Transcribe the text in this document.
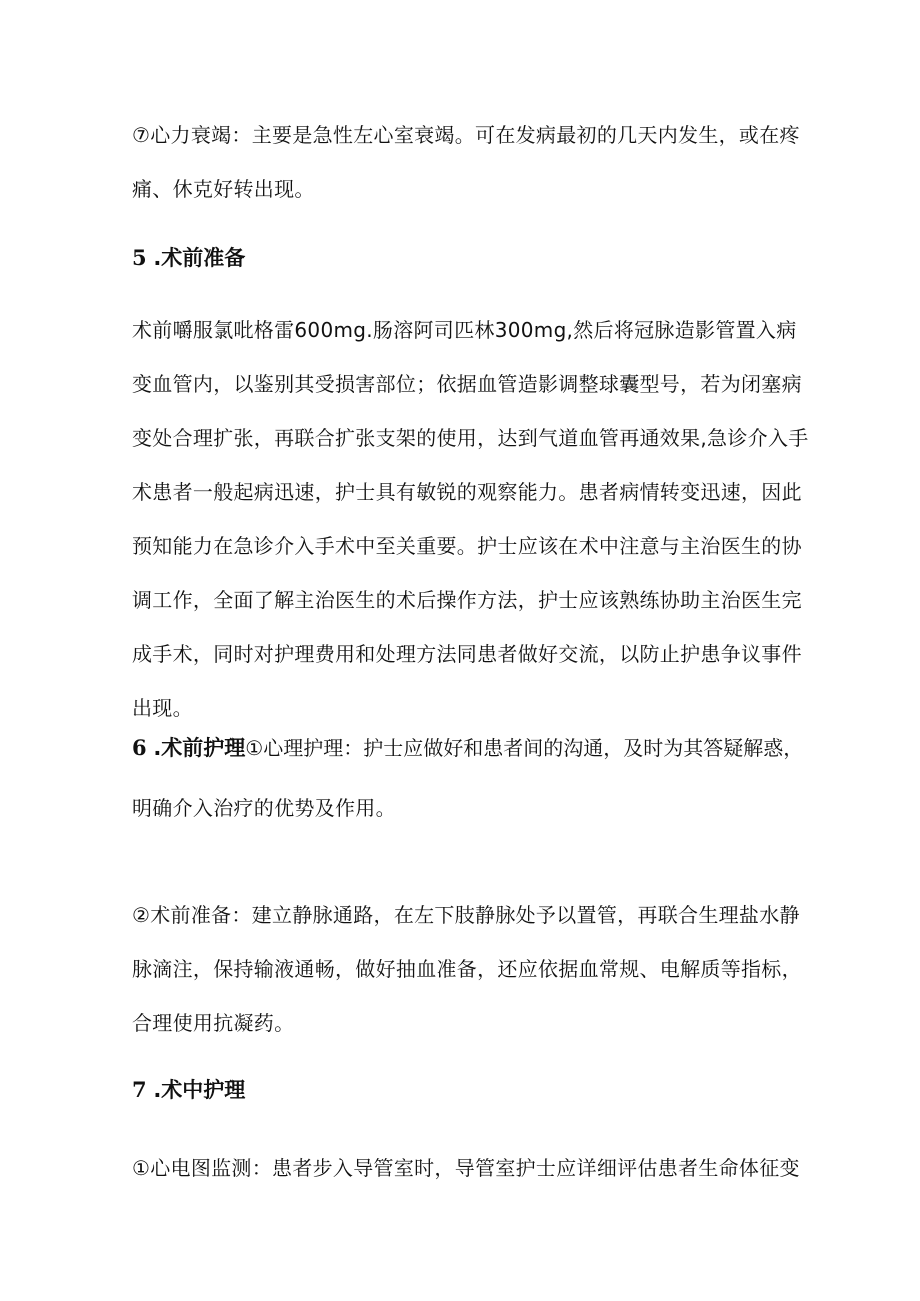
⑦心力衰竭：主要是急性左心室衰竭。可在发病最初的几天内发生，或在疼
痛、休克好转出现。
5 .术前准备
术前嚼服氯吡格雷600mg.肠溶阿司匹林300mg,然后将冠脉造影管置入病
变血管内，以鉴别其受损害部位；依据血管造影调整球囊型号，若为闭塞病
变处合理扩张，再联合扩张支架的使用，达到气道血管再通效果,急诊介入手
术患者一般起病迅速，护士具有敏锐的观察能力。患者病情转变迅速，因此
预知能力在急诊介入手术中至关重要。护士应该在术中注意与主治医生的协
调工作，全面了解主治医生的术后操作方法，护士应该熟练协助主治医生完
成手术，同时对护理费用和处理方法同患者做好交流，以防止护患争议事件
出现。
6 .术前护理①心理护理：护士应做好和患者间的沟通，及时为其答疑解惑，
明确介入治疗的优势及作用。
②术前准备：建立静脉通路，在左下肢静脉处予以置管，再联合生理盐水静
脉滴注，保持输液通畅，做好抽血准备，还应依据血常规、电解质等指标，
合理使用抗凝药。
7 .术中护理
①心电图监测：患者步入导管室时，导管室护士应详细评估患者生命体征变
